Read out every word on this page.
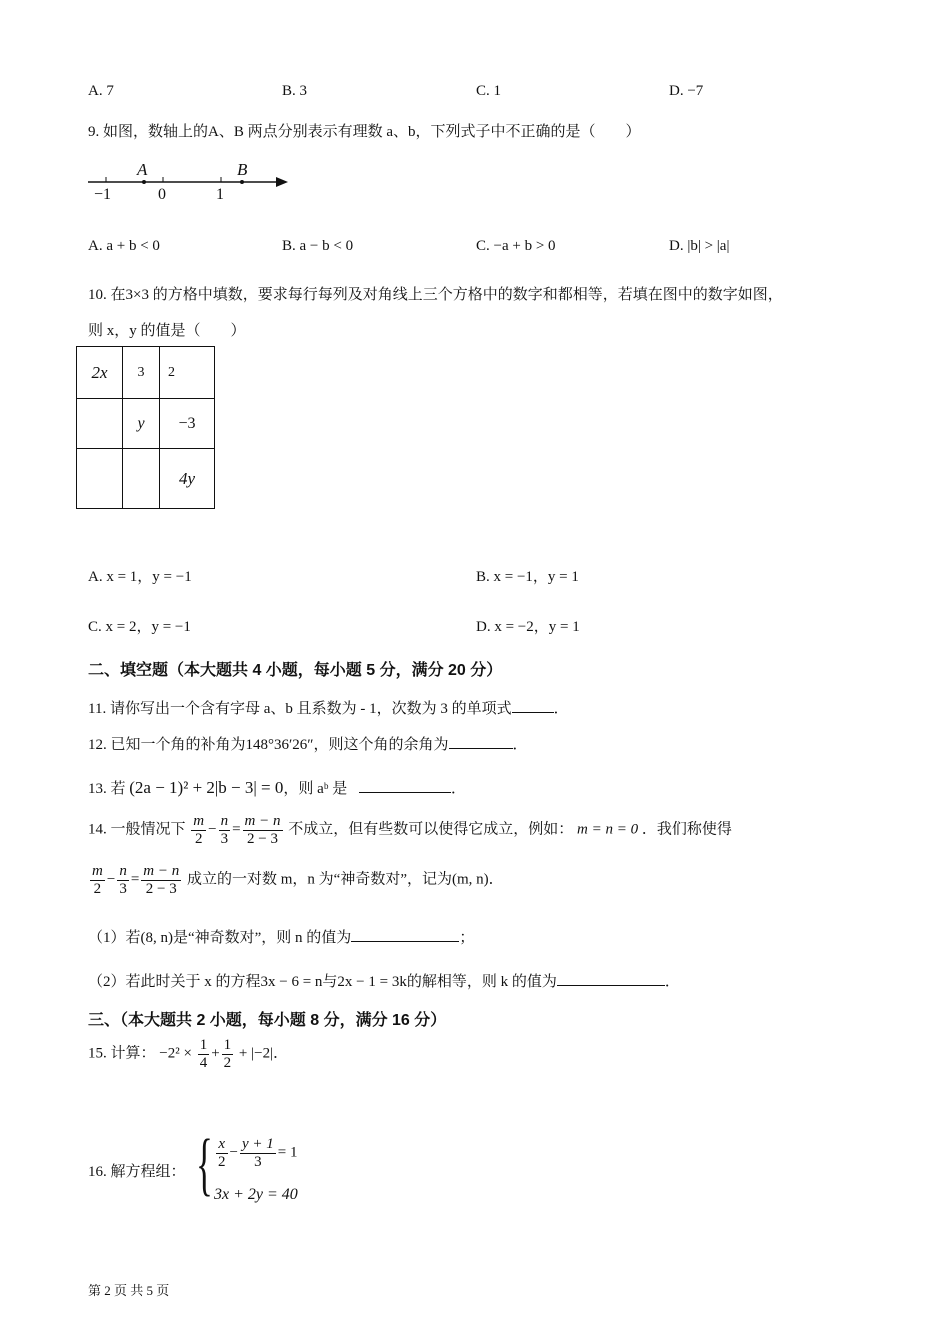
A. 7	B. 3	C. 1	D. −7
9. 如图，数轴上的A、B 两点分别表示有理数 a、b，下列式子中不正确的是（　　）
A	B
−1	0	1
A. a + b < 0	B. a − b < 0	C. −a + b > 0	D. |b| > |a|
10. 在3×3 的方格中填数，要求每行每列及对角线上三个方格中的数字和都相等，若填在图中的数字如图，
则 x，y 的值是（　　）
2x	3	2
	y	−3
		4y
A. x = 1，y = −1	B. x = −1，y = 1
C. x = 2，y = −1	D. x = −2，y = 1
二、填空题（本大题共 4 小题，每小题 5 分，满分 20 分）
11. 请你写出一个含有字母 a、b 且系数为 - 1，次数为 3 的单项式	．
12. 已知一个角的补角为148°36′26″，则这个角的余角为	．
13. 若 (2a − 1)² + 2|b − 3| = 0，则 aᵇ 是	．
14. 一般情况下 $\frac{m}{2} - \frac{n}{3} = \frac{m - n}{2 - 3}$ 不成立，但有些数可以使得它成立，例如： m = n = 0 ．我们称使得
$\frac{m}{2} - \frac{n}{3} = \frac{m - n}{2 - 3}$ 成立的一对数 m，n 为“神奇数对”，记为(m, n)．
（1）若(8, n)是“神奇数对”，则 n 的值为	；
（2）若此时关于 x 的方程3x − 6 = n与2x − 1 = 3k的解相等，则 k 的值为	．
三、（本大题共 2 小题，每小题 8 分，满分 16 分）
15. 计算： $-2^2 \times \frac{1}{4} + \frac{1}{2} + |-2|$．
16. 解方程组： { $\frac{x}{2} - \frac{y + 1}{3} = 1$
3x + 2y = 40
第 2 页 共 5 页
